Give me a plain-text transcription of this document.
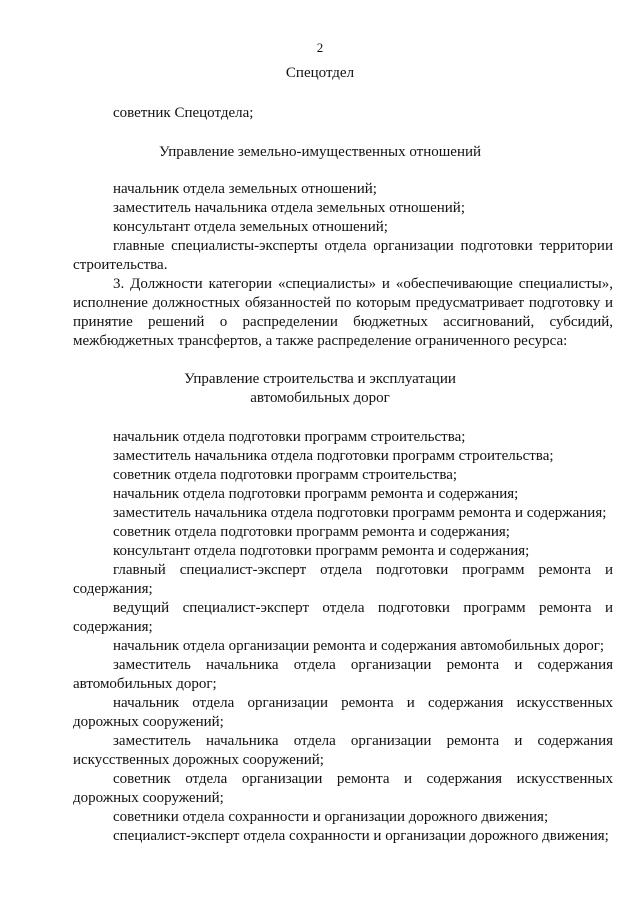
2
Спецотдел
советник Спецотдела;
Управление земельно-имущественных отношений
начальник отдела земельных отношений;
заместитель начальника отдела земельных отношений;
консультант отдела земельных отношений;
главные специалисты-эксперты отдела организации подготовки территории строительства.
3. Должности категории «специалисты» и «обеспечивающие специалисты», исполнение должностных обязанностей по которым предусматривает подготовку и принятие решений о распределении бюджетных ассигнований, субсидий, межбюджетных трансфертов, а также распределение ограниченного ресурса:
Управление строительства и эксплуатации
автомобильных дорог
начальник отдела подготовки программ строительства;
заместитель начальника отдела подготовки программ строительства;
советник отдела подготовки программ строительства;
начальник отдела подготовки программ ремонта и содержания;
заместитель начальника отдела подготовки программ ремонта и содержания;
советник отдела подготовки программ ремонта и содержания;
консультант отдела подготовки программ ремонта и содержания;
главный специалист-эксперт отдела подготовки программ ремонта и содержания;
ведущий специалист-эксперт отдела подготовки программ ремонта и содержания;
начальник отдела организации ремонта и содержания автомобильных дорог;
заместитель начальника отдела организации ремонта и содержания автомобильных дорог;
начальник отдела организации ремонта и содержания искусственных дорожных сооружений;
заместитель начальника отдела организации ремонта и содержания искусственных дорожных сооружений;
советник отдела организации ремонта и содержания искусственных дорожных сооружений;
советники отдела сохранности и организации дорожного движения;
специалист-эксперт отдела сохранности и организации дорожного движения;
